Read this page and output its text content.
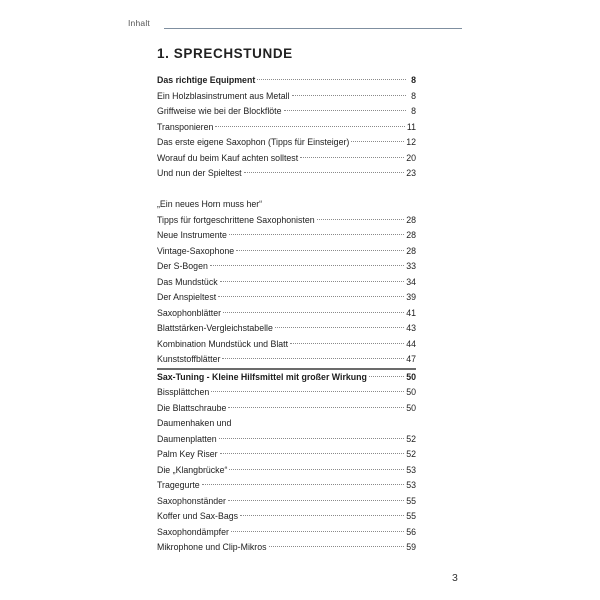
Inhalt
1. SPRECHSTUNDE
Das richtige Equipment	8
Ein Holzblasinstrument aus Metall	8
Griffweise wie bei der Blockflöte	8
Transponieren	11
Das erste eigene Saxophon (Tipps für Einsteiger)	12
Worauf du beim Kauf achten solltest	20
Und nun der Spieltest	23
„Ein neues Horn muss her“
Tipps für fortgeschrittene Saxophonisten	28
Neue Instrumente	28
Vintage-Saxophone	28
Der S-Bogen	33
Das Mundstück	34
Der Anspieltest	39
Saxophonblätter	41
Blattstärken-Vergleichstabelle	43
Kombination Mundstück und Blatt	44
Kunststoffblätter	47
Sax-Tuning - Kleine Hilfsmittel mit großer Wirkung	50
Bissplättchen	50
Die Blattschraube	50
Daumenhaken und
Daumenplatten	52
Palm Key Riser	52
Die „Klangbrücke“	53
Tragegurte	53
Saxophonständer	55
Koffer und Sax-Bags	55
Saxophondämpfer	56
Mikrophone und Clip-Mikros	59
3
